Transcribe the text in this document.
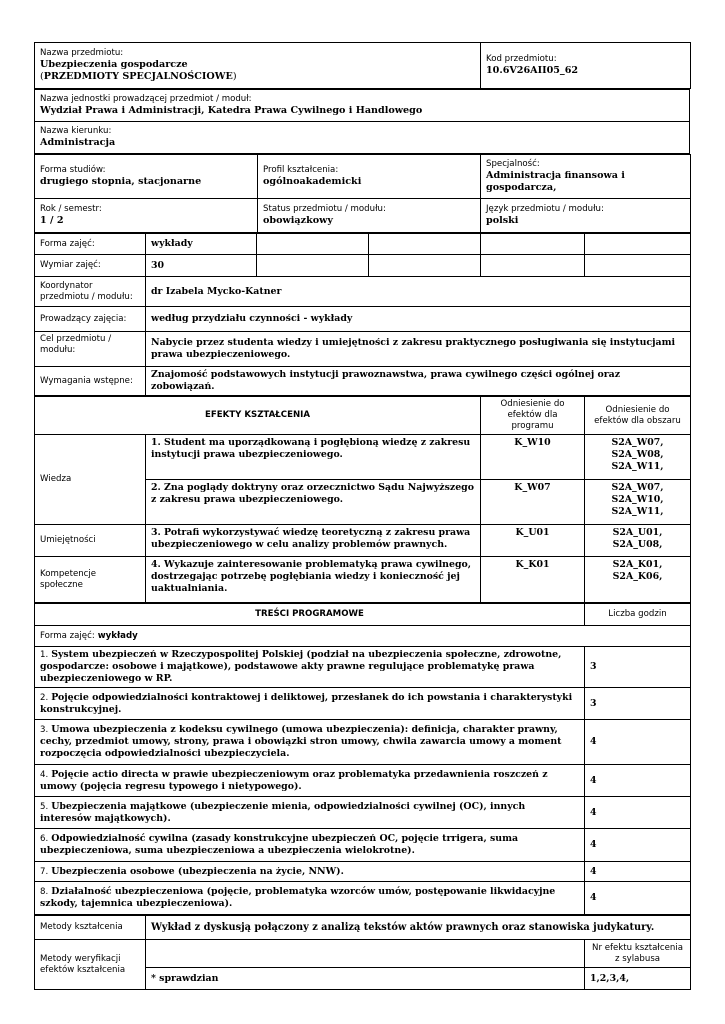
Nazwa przedmiotu:
Ubezpieczenia gospodarcze
(PRZEDMIOTY SPECJALNOŚCIOWE)

Kod przedmiotu:
10.6V26AII05_62
Nazwa jednostki prowadzącej przedmiot / moduł:
Wydział Prawa i Administracji, Katedra Prawa Cywilnego i Handlowego

Nazwa kierunku:
Administracja
Forma studiów:
drugiego stopnia, stacjonarne	Profil kształcenia:
ogólnoakademicki	Specjalność:
Administracja finansowa i gospodarcza,

Rok / semestr:
1 / 2	Status przedmiotu / modułu:
obowiązkowy	Język przedmiotu / modułu:
polski
Forma zajęć:	wykłady				
Wymiar zajęć:	30				
Koordynator przedmiotu / modułu:	dr Izabela Mycko-Katner				
Prowadzący zajęcia:	według przydziału czynności - wykłady				
Cel przedmiotu / modułu:	Nabycie przez studenta wiedzy i umiejętności z zakresu praktycznego posługiwania się instytucjami prawa ubezpieczeniowego.				
Wymagania wstępne:	Znajomość podstawowych instytucji prawoznawstwa, prawa cywilnego części ogólnej oraz zobowiązań.				
EFEKTY KSZTAŁCENIA		Odniesienie do efektów dla programu	Odniesienie do efektów dla obszaru
Wiedza	1. Student ma uporządkowaną i pogłębioną wiedzę z zakresu instytucji prawa ubezpieczeniowego.	K_W10	S2A_W07, S2A_W08, S2A_W11,
	2. Zna poglądy doktryny oraz orzecznictwo Sądu Najwyższego z zakresu prawa ubezpieczeniowego.	K_W07	S2A_W07, S2A_W10, S2A_W11,
Umiejętności	3. Potrafi wykorzystywać wiedzę teoretyczną z zakresu prawa ubezpieczeniowego w celu analizy problemów prawnych.	K_U01	S2A_U01, S2A_U08,
Kompetencje społeczne	4. Wykazuje zainteresowanie problematyką prawa cywilnego, dostrzegając potrzebę pogłębiania wiedzy i konieczność jej uaktualniania.	K_K01	S2A_K01, S2A_K06,
TREŚCI PROGRAMOWE	Liczba godzin
Forma zajęć: wykłady	
1. System ubezpieczeń w Rzeczypospolitej Polskiej (podział na ubezpieczenia społeczne, zdrowotne, gospodarcze: osobowe i majątkowe), podstawowe akty prawne regulujące problematykę prawa ubezpieczeniowego w RP.	3
2. Pojęcie odpowiedzialności kontraktowej i deliktowej, przesłanek do ich powstania i charakterystyki konstrukcyjnej.	3
3. Umowa ubezpieczenia z kodeksu cywilnego (umowa ubezpieczenia): definicja, charakter prawny, cechy, przedmiot umowy, strony, prawa i obowiązki stron umowy, chwila zawarcia umowy a moment rozpoczęcia odpowiedzialności ubezpieczyciela.	4
4. Pojęcie actio directa w prawie ubezpieczeniowym oraz problematyka przedawnienia roszczeń z umowy (pojęcia regresu typowego i nietypowego).	4
5. Ubezpieczenia majątkowe (ubezpieczenie mienia, odpowiedzialności cywilnej (OC), innych interesów majątkowych).	4
6. Odpowiedzialność cywilna (zasady konstrukcyjne ubezpieczeń OC, pojęcie trrigera, suma ubezpieczeniowa, suma ubezpieczeniowa a ubezpieczenia wielokrotne).	4
7. Ubezpieczenia osobowe (ubezpieczenia na życie, NNW).	4
8. Działalność ubezpieczeniowa (pojęcie, problematyka wzorców umów, postępowanie likwidacyjne szkody, tajemnica ubezpieczeniowa).	4
Metody kształcenia	Wykład z dyskusją połączony z analizą tekstów aktów prawnych oraz stanowiska judykatury.	
Metody weryfikacji efektów kształcenia		Nr efektu kształcenia z sylabusa
	* sprawdzian	1,2,3,4,
